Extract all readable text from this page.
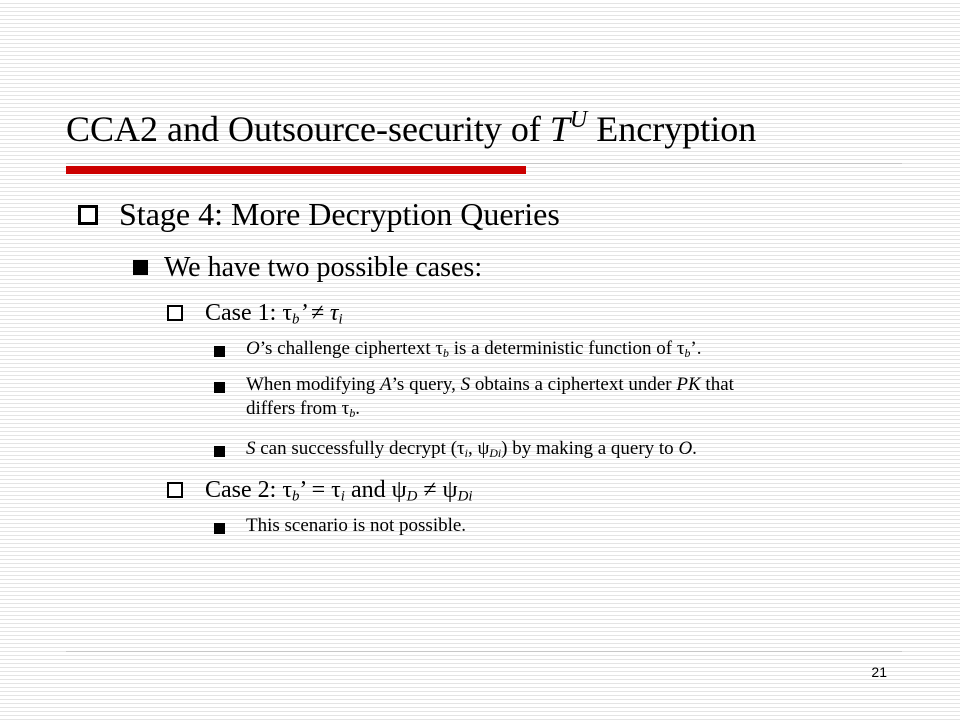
CCA2 and Outsource-security of $T^U$ Encryption
Stage 4: More Decryption Queries
We have two possible cases:
Case 1: $\tau_b$’ ≠ $\tau_i$
O’s challenge ciphertext $\tau_b$ is a deterministic function of $\tau_b$’.
When modifying A’s query, S obtains a ciphertext under PK that
differs from $\tau_b$.
S can successfully decrypt ($\tau_i$, $\psi_{Di}$) by making a query to O.
Case 2: $\tau_b$’ = $\tau_i$ and $\psi_D \ne \psi_{Di}$
This scenario is not possible.
21
